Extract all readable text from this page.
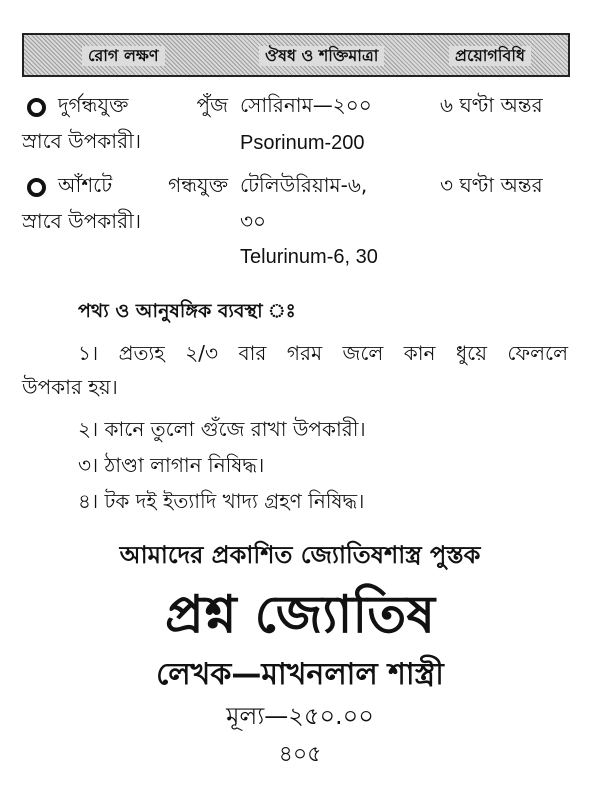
রোগ লক্ষণ	ঔষধ ও শক্তিমাত্রা	প্রয়োগবিধি
দুর্গন্ধযুক্ত পুঁজ
স্রাবে উপকারী।
সোরিনাম—২০০
Psorinum-200
৬ ঘণ্টা অন্তর
আঁশটে গন্ধযুক্ত
স্রাবে উপকারী।
টেলিউরিয়াম-৬,
৩০
Telurinum-6, 30
৩ ঘণ্টা অন্তর
পথ্য ও আনুষঙ্গিক ব্যবস্থা ঃ
১। প্রত্যহ ২/৩ বার গরম জলে কান ধুয়ে ফেললে
উপকার হয়।
২। কানে তুলো গুঁজে রাখা উপকারী।
৩। ঠাণ্ডা লাগান নিষিদ্ধ।
৪। টক দই ইত্যাদি খাদ্য গ্রহণ নিষিদ্ধ।
আমাদের প্রকাশিত জ্যোতিষশাস্ত্র পুস্তক
প্রশ্ন জ্যোতিষ
লেখক—মাখনলাল শাস্ত্রী
মূল্য—২৫০.০০
৪০৫
